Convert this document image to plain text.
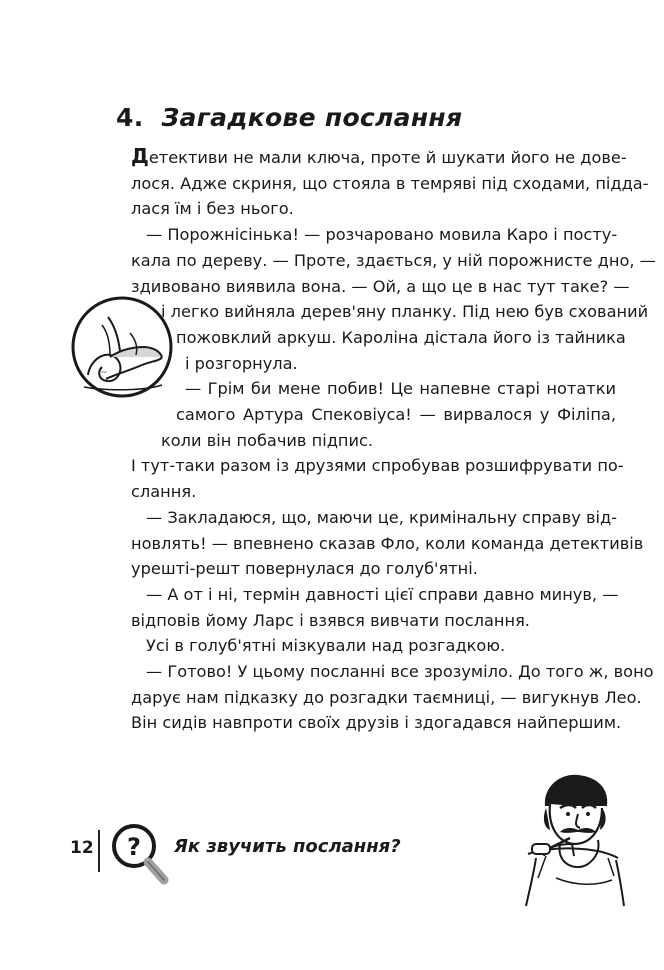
4. Загадкове послання
~
Детективи не мали ключа, проте й шукати його не дове-
лося. Адже скриня, що стояла в темряві під сходами, піддa-
лася їм і без нього.
— Порожнісінька! — розчаровано мовила Каро і посту-
кала по дереву. — Проте, здається, у ній порожнисте дно, —
здивовано виявила вона. — Ой, а що це в нас тут таке? —
і легко вийняла дерев'яну планку. Під нею був схований
пожовклий аркуш. Кароліна дістала його із тайника
і розгорнула.
— Грім би мене побив! Це напевне старі нотатки
самого Артура Спековіуса! — вирвалося у Філіпа,
коли він побачив підпис.
І тут-таки разом із друзями спробував розшифрувати по-
слання.
— Закладаюся, що, маючи це, кримінальну справу від-
новлять! — впевнено сказав Фло, коли команда детективів
урешті-решт повернулася до голуб'ятні.
— А от і ні, термін давності цієї справи давно минув, —
відповів йому Ларс і взявся вивчати послання.
Усі в голуб'ятні мізкували над розгадкою.
— Готово! У цьому посланні все зрозуміло. До того ж, воно
дарує нам підказку до розгадки таємниці, — вигукнув Лео.
Він сидів навпроти своїх друзів і здогадався найпершим.
12 ? Як звучить послання?
